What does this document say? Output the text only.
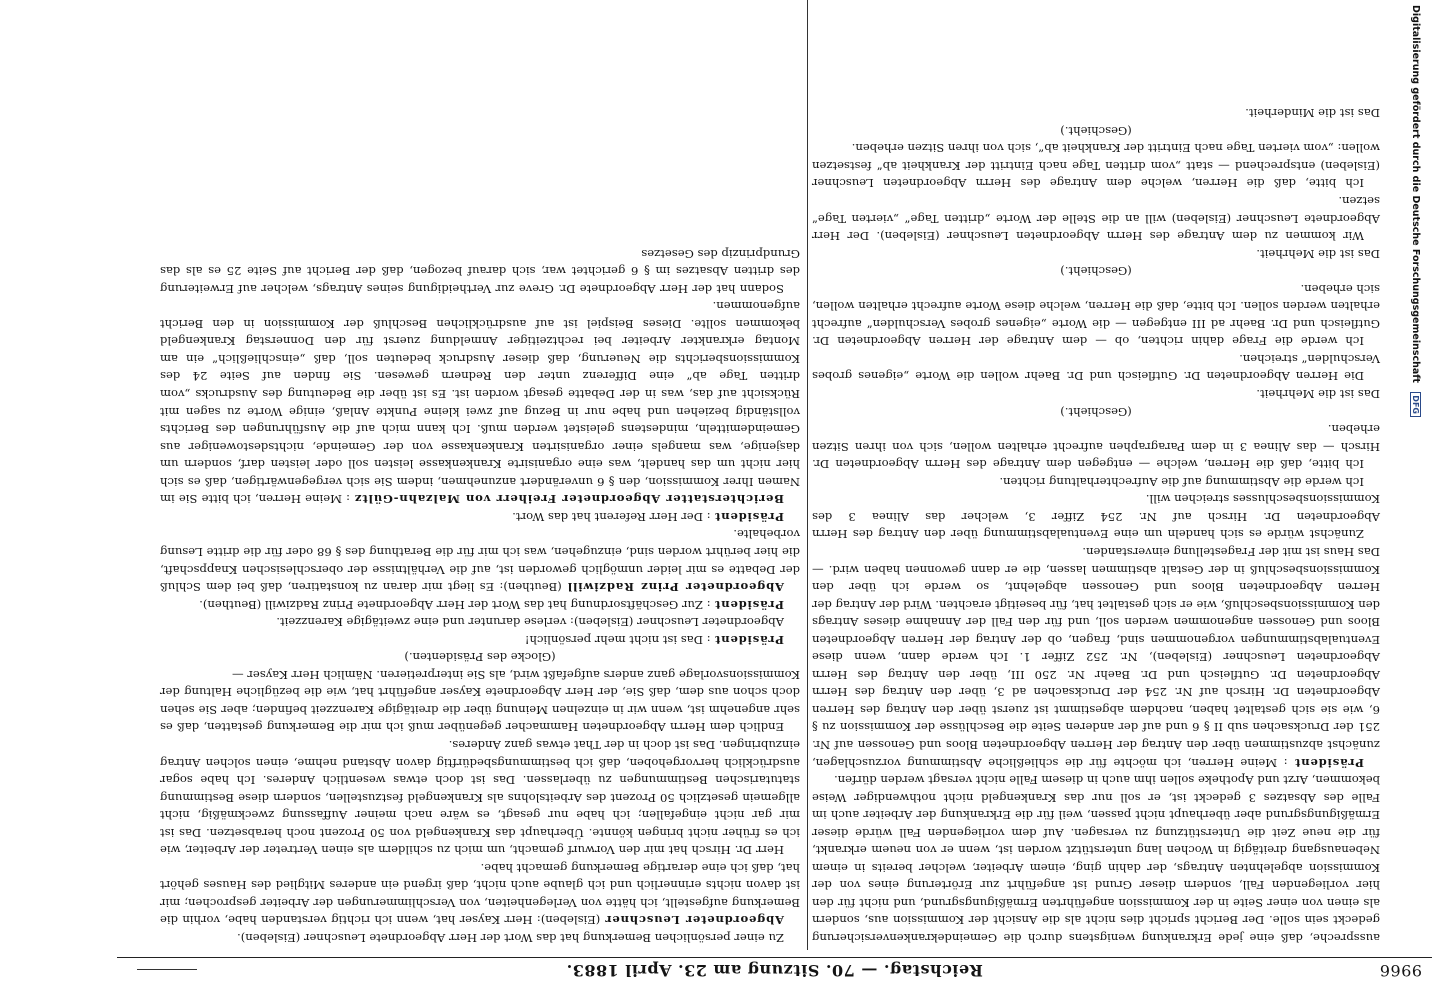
9966
Reichstag. — 70. Sitzung am 23. April 1883.

ausspreche, daß eine jede Erkrankung wenigstens durch die Gemeindekrankenversicherung gedeckt sein solle. Der Bericht spricht dies nicht als die Ansicht der Kommission aus, sondern als einen von einer Seite in der Kommission angeführten Ermäßigungsgrund, und nicht für den hier vorliegenden Fall, sondern dieser Grund ist angeführt zur Erörterung eines von der Kommission abgelehnten Antrags, der dahin ging, einem Arbeiter, welcher bereits in einem Nebenausgang dreitägig in Wochen lang unterstützt worden ist, wenn er von neuem erkrankt, für die neue Zeit die Unterstützung zu versagen. Auf dem vorliegenden Fall würde dieser Ermäßigungsgrund aber überhaupt nicht passen, weil für die Erkrankung der Arbeiter auch im Falle des Absatzes 3 gedeckt ist, er soll nur das Krankengeld nicht nothwendiger Weise bekommen, Arzt und Apotheke sollen ihm auch in diesem Falle nicht versagt werden dürfen.

Präsident : Meine Herren, ich möchte für die schließliche Abstimmung vorzuschlagen, zunächst abzustimmen über den Antrag der Herren Abgeordneten Bloos und Genossen auf Nr. 251 der Drucksachen sub II § 6 und auf der anderen Seite die Beschlüsse der Kommission zu § 6, wie sie sich gestaltet haben, nachdem abgestimmt ist zuerst über den Antrag des Herren Abgeordneten Dr. Hirsch auf Nr. 254 der Drucksachen ad 3, über den Antrag des Herrn Abgeordneten Dr. Gutfleisch und Dr. Baehr Nr. 250 III, über den Antrag des Herrn Abgeordneten Leuschner (Eisleben), Nr. 252 Ziffer 1. Ich werde dann, wenn diese Eventualabstimmungen vorgenommen sind, fragen, ob der Antrag der Herren Abgeordneten Bloos und Genossen angenommen werden soll, und für den Fall der Annahme dieses Antrags den Kommissionsbeschluß, wie er sich gestaltet hat, für beseitigt erachten. Wird der Antrag der Herren Abgeordneten Bloos und Genossen abgelehnt, so werde ich über den Kommissionsbeschluß in der Gestalt abstimmen lassen, die er dann gewonnen haben wird. — Das Haus ist mit der Fragestellung einverstanden.

Zunächst würde es sich handeln um eine Eventualabstimmung über den Antrag des Herrn Abgeordneten Dr. Hirsch auf Nr. 254 Ziffer 3, welcher das Alinea 3 des Kommissionsbeschlusses streichen will.

Ich werde die Abstimmung auf die Aufrechterhaltung richten.

Ich bitte, daß die Herren, welche — entgegen dem Antrage des Herrn Abgeordneten Dr. Hirsch — das Alinea 3 in dem Paragraphen aufrecht erhalten wollen, sich von ihren Sitzen erheben.

(Geschieht.)

Das ist die Mehrheit.

Die Herren Abgeordneten Dr. Gutfleisch und Dr. Baehr wollen die Worte „eigenes grobes Verschulden“ streichen.

Ich werde die Frage dahin richten, ob — dem Antrage der Herren Abgeordneten Dr. Gutfleisch und Dr. Baehr ad III entgegen — die Worte „eigenes grobes Verschulden“ aufrecht erhalten werden sollen. Ich bitte, daß die Herren, welche diese Worte aufrecht erhalten wollen, sich erheben.

(Geschieht.)

Das ist die Mehrheit.

Wir kommen zu dem Antrage des Herrn Abgeordneten Leuschner (Eisleben). Der Herr Abgeordnete Leuschner (Eisleben) will an die Stelle der Worte „dritten Tage“ „vierten Tage“ setzen.

Ich bitte, daß die Herren, welche dem Antrage des Herrn Abgeordneten Leuschner (Eisleben) entsprechend — statt „vom dritten Tage nach Eintritt der Krankheit ab“ festsetzen wollen: „vom vierten Tage nach Eintritt der Krankheit ab“, sich von ihren Sitzen erheben.

(Geschieht.)

Das ist die Minderheit.

Zu einer persönlichen Bemerkung hat das Wort der Herr Abgeordnete Leuschner (Eisleben).

Abgeordneter Leuschner (Eisleben): Herr Kayser hat, wenn ich richtig verstanden habe, vorhin die Bemerkung aufgestellt, ich hätte von Verlegenheiten, von Verschlimmerungen der Arbeiter gesprochen; mir ist davon nichts erinnerlich und ich glaube auch nicht, daß irgend ein anderes Mitglied des Hauses gehört hat, daß ich eine derartige Bemerkung gemacht habe.

Herr Dr. Hirsch hat mir den Vorwurf gemacht, um mich zu schildern als einen Vertreter der Arbeiter, wie ich es früher nicht bringen könnte. Überhaupt das Krankengeld von 50 Prozent noch herabsetzen. Das ist mir gar nicht eingefallen; ich habe nur gesagt, es wäre nach meiner Auffassung zweckmäßig, nicht allgemein gesetzlich 50 Prozent des Arbeitslohns als Krankengeld festzustellen, sondern diese Bestimmung statutarischen Bestimmungen zu überlassen. Das ist doch etwas wesentlich Anderes. Ich habe sogar ausdrücklich hervorgehoben, daß ich bestimmungsbedürftig davon Abstand nehme, einen solchen Antrag einzubringen. Das ist doch in der That etwas ganz Anderes.

Endlich dem Herrn Abgeordneten Hammacher gegenüber muß ich mir die Bemerkung gestatten, daß es sehr angenehm ist, wenn wir in einzelnen Meinung über die dreitägige Karenzzeit befinden; aber Sie sehen doch schon aus dem, daß Sie, der Herr Abgeordnete Kayser angeführt hat, wie die bezügliche Haltung der Kommissionsvorlage ganz anders aufgefaßt wird, als Sie interpretieren. Nämlich Herr Kayser —

(Glocke des Präsidenten.)

Präsident : Das ist nicht mehr persönlich!

Abgeordneter Leuschner (Eisleben): verlese darunter und eine zweitägige Karenzzeit.

Präsident : Zur Geschäftsordnung hat das Wort der Herr Abgeordnete Prinz Radziwill (Beuthen).

Abgeordneter Prinz Radziwill (Beuthen): Es liegt mir daran zu konstatiren, daß bei dem Schluß der Debatte es mir leider unmöglich geworden ist, auf die Verhältnisse der oberschlesischen Knappschaft, die hier berührt worden sind, einzugehen, was ich mir für die Berathung des § 68 oder für die dritte Lesung vorbehalte.

Präsident : Der Herr Referent hat das Wort.

Berichterstatter Abgeordneter Freiherr von Malzahn-Gültz : Meine Herren, ich bitte Sie im Namen Ihrer Kommission, den § 6 unverändert anzunehmen, indem Sie sich vergegenwärtigen, daß es sich hier nicht um das handelt, was eine organisirte Krankenkasse leisten soll oder leisten darf, sondern um dasjenige, was mangels einer organisirten Krankenkasse von der Gemeinde, nichtsdestoweniger aus Gemeindemitteln, mindestens geleistet werden muß. Ich kann mich auf die Ausführungen des Berichts vollständig beziehen und habe nur in Bezug auf zwei kleine Punkte Anlaß, einige Worte zu sagen mit Rücksicht auf das, was in der Debatte gesagt worden ist. Es ist über die Bedeutung des Ausdrucks „vom dritten Tage ab“ eine Differenz unter den Rednern gewesen. Sie finden auf Seite 24 des Kommissionsberichts die Neuerung, daß dieser Ausdruck bedeuten soll, daß „einschließlich“ ein am Montag erkrankter Arbeiter bei rechtzeitiger Anmeldung zuerst für den Donnerstag Krankengeld bekommen sollte. Dieses Beispiel ist auf ausdrücklichen Beschluß der Kommission in den Bericht aufgenommen.

Sodann hat der Herr Abgeordnete Dr. Greve zur Vertheidigung seines Antrags, welcher auf Erweiterung des dritten Absatzes im § 6 gerichtet war, sich darauf bezogen, daß der Bericht auf Seite 25 es als das Grundprinzip des Gesetzes	Digitalisierung gefördert durch die Deutsche Forschungsgemeinschaft DFG
